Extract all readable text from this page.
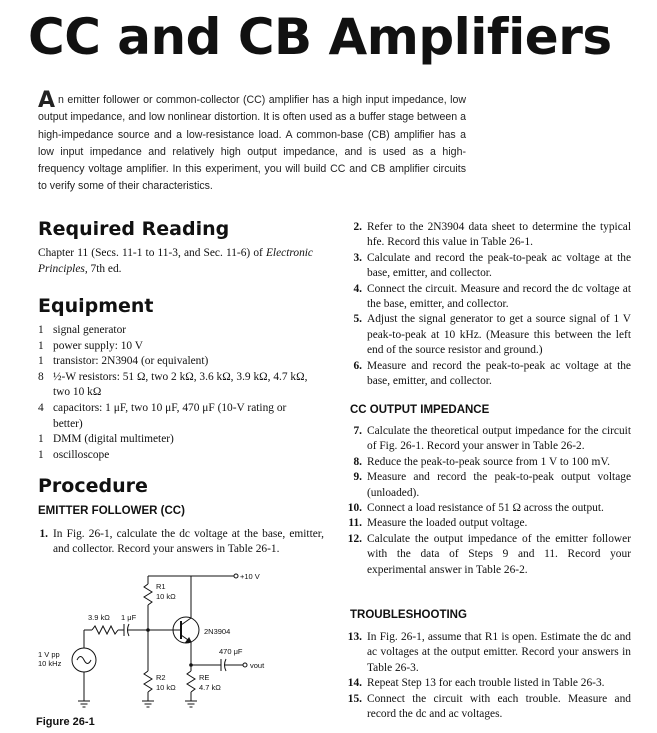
CC and CB Amplifiers
An emitter follower or common-collector (CC) amplifier has a high input impedance, low output impedance, and low nonlinear distortion. It is often used as a buffer stage between a high-impedance source and a low-resistance load. A common-base (CB) amplifier has a low input impedance and relatively high output impedance, and is used as a high-frequency voltage amplifier. In this experiment, you will build CC and CB amplifier circuits to verify some of their characteristics.
Required Reading
Chapter 11 (Secs. 11-1 to 11-3, and Sec. 11-6) of Electronic Principles, 7th ed.
Equipment
1 signal generator
1 power supply: 10 V
1 transistor: 2N3904 (or equivalent)
8 ½-W resistors: 51 Ω, two 2 kΩ, 3.6 kΩ, 3.9 kΩ, 4.7 kΩ, two 10 kΩ
4 capacitors: 1 μF, two 10 μF, 470 μF (10-V rating or better)
1 DMM (digital multimeter)
1 oscilloscope
Procedure
EMITTER FOLLOWER (CC)
1. In Fig. 26-1, calculate the dc voltage at the base, emitter, and collector. Record your answers in Table 26-1.
+10 V
R1
10 kΩ
3.9 kΩ 1 μF
2N3904
470 μF
vout
1 V pp
10 kHz
R2
10 kΩ
RE
4.7 kΩ
Figure 26-1
2. Refer to the 2N3904 data sheet to determine the typical hfe. Record this value in Table 26-1.
3. Calculate and record the peak-to-peak ac voltage at the base, emitter, and collector.
4. Connect the circuit. Measure and record the dc voltage at the base, emitter, and collector.
5. Adjust the signal generator to get a source signal of 1 V peak-to-peak at 10 kHz. (Measure this between the left end of the source resistor and ground.)
6. Measure and record the peak-to-peak ac voltage at the base, emitter, and collector.
CC OUTPUT IMPEDANCE
7. Calculate the theoretical output impedance for the circuit of Fig. 26-1. Record your answer in Table 26-2.
8. Reduce the peak-to-peak source from 1 V to 100 mV.
9. Measure and record the peak-to-peak output voltage (unloaded).
10. Connect a load resistance of 51 Ω across the output.
11. Measure the loaded output voltage.
12. Calculate the output impedance of the emitter follower with the data of Steps 9 and 11. Record your experimental answer in Table 26-2.
TROUBLESHOOTING
13. In Fig. 26-1, assume that R1 is open. Estimate the dc and ac voltages at the output emitter. Record your answers in Table 26-3.
14. Repeat Step 13 for each trouble listed in Table 26-3.
15. Connect the circuit with each trouble. Measure and record the dc and ac voltages.
